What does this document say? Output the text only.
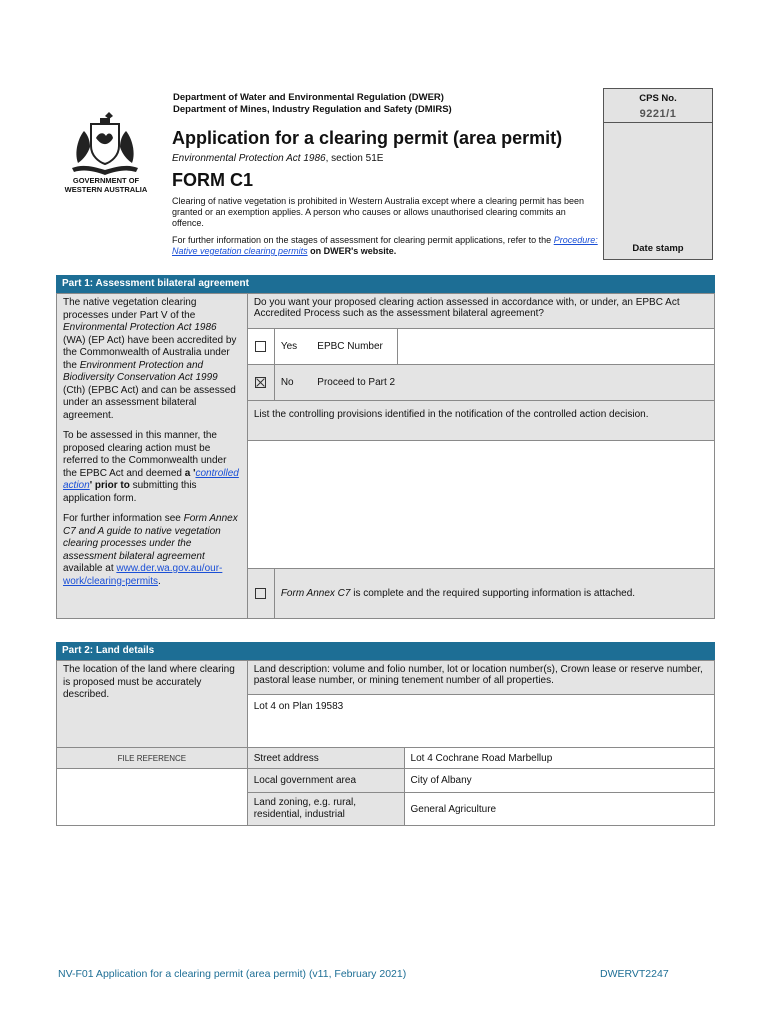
GOVERNMENT OF
WESTERN AUSTRALIA
Department of Water and Environmental Regulation (DWER)
Department of Mines, Industry Regulation and Safety (DMIRS)
Application for a clearing permit (area permit)
Environmental Protection Act 1986, section 51E
FORM C1
Clearing of native vegetation is prohibited in Western Australia except where a clearing permit has been granted or an exemption applies. A person who causes or allows unauthorised clearing commits an offence.
For further information on the stages of assessment for clearing permit applications, refer to the Procedure: Native vegetation clearing permits on DWER's website.
CPS No.
9221/1
Date stamp
Part 1: Assessment bilateral agreement

The native vegetation clearing processes under Part V of the Environmental Protection Act 1986 (WA) (EP Act) have been accredited by the Commonwealth of Australia under the Environment Protection and Biodiversity Conservation Act 1999 (Cth) (EPBC Act) and can be assessed under an assessment bilateral agreement.

To be assessed in this manner, the proposed clearing action must be referred to the Commonwealth under the EPBC Act and deemed a 'controlled action' prior to submitting this application form.

For further information see Form Annex C7 and A guide to native vegetation clearing processes under the assessment bilateral agreement available at www.der.wa.gov.au/our-work/clearing-permits.	Do you want your proposed clearing action assessed in accordance with, or under, an EPBC Act Accredited Process such as the assessment bilateral agreement?			
		Yes	EPBC Number	
		No	Proceed to Part 2	
	List the controlling provisions identified in the notification of the controlled action decision.			

		Form Annex C7 is complete and the required supporting information is attached.		
Part 2: Land details
The location of the land where clearing is proposed must be accurately described.	Land description: volume and folio number, lot or location number(s), Crown lease or reserve number, pastoral lease number, or mining tenement number of all properties.	
	Lot 4 on Plan 19583	
FILE REFERENCE	Street address	Lot 4 Cochrane Road Marbellup
	Local government area	City of Albany
	Land zoning, e.g. rural, residential, industrial	General Agriculture
NV-F01 Application for a clearing permit (area permit) (v11, February 2021)	DWERVT2247
